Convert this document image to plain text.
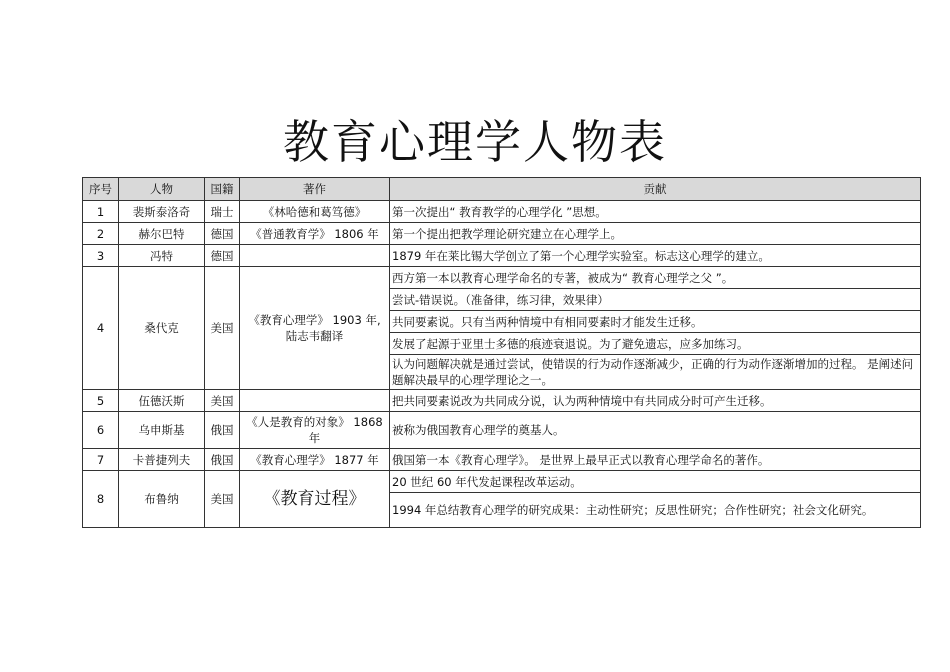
教育心理学人物表
序号	人物	国籍	著作	贡献
1	裴斯泰洛奇	瑞士	《林哈德和葛笃德》	第一次提出“ 教育教学的心理学化 ”思想。
2	赫尔巴特	德国	《普通教育学》 1806 年	第一个提出把教学理论研究建立在心理学上。
3	冯特	德国		1879 年在莱比锡大学创立了第一个心理学实验室。标志这心理学的建立。
4	桑代克	美国	《教育心理学》 1903 年, 陆志韦翻译	西方第一本以教育心理学命名的专著，被成为“ 教育心理学之父 ”。
				尝试-错误说。（准备律，练习律，效果律）
				共同要素说。只有当两种情境中有相同要素时才能发生迁移。
				发展了起源于亚里士多德的痕迹衰退说。为了避免遗忘，应多加练习。
				认为问题解决就是通过尝试，使错误的行为动作逐渐减少，正确的行为动作逐渐增加的过程。 是阐述问题解决最早的心理学理论之一。
5	伍德沃斯	美国		把共同要素说改为共同成分说，认为两种情境中有共同成分时可产生迁移。
6	乌申斯基	俄国	《人是教育的对象》 1868 年	被称为俄国教育心理学的奠基人。
7	卡普捷列夫	俄国	《教育心理学》 1877 年	俄国第一本《教育心理学》。 是世界上最早正式以教育心理学命名的著作。
8	布鲁纳	美国	《教育过程》	20 世纪 60 年代发起课程改革运动。
				1994 年总结教育心理学的研究成果：主动性研究；反思性研究；合作性研究；社会文化研究。
